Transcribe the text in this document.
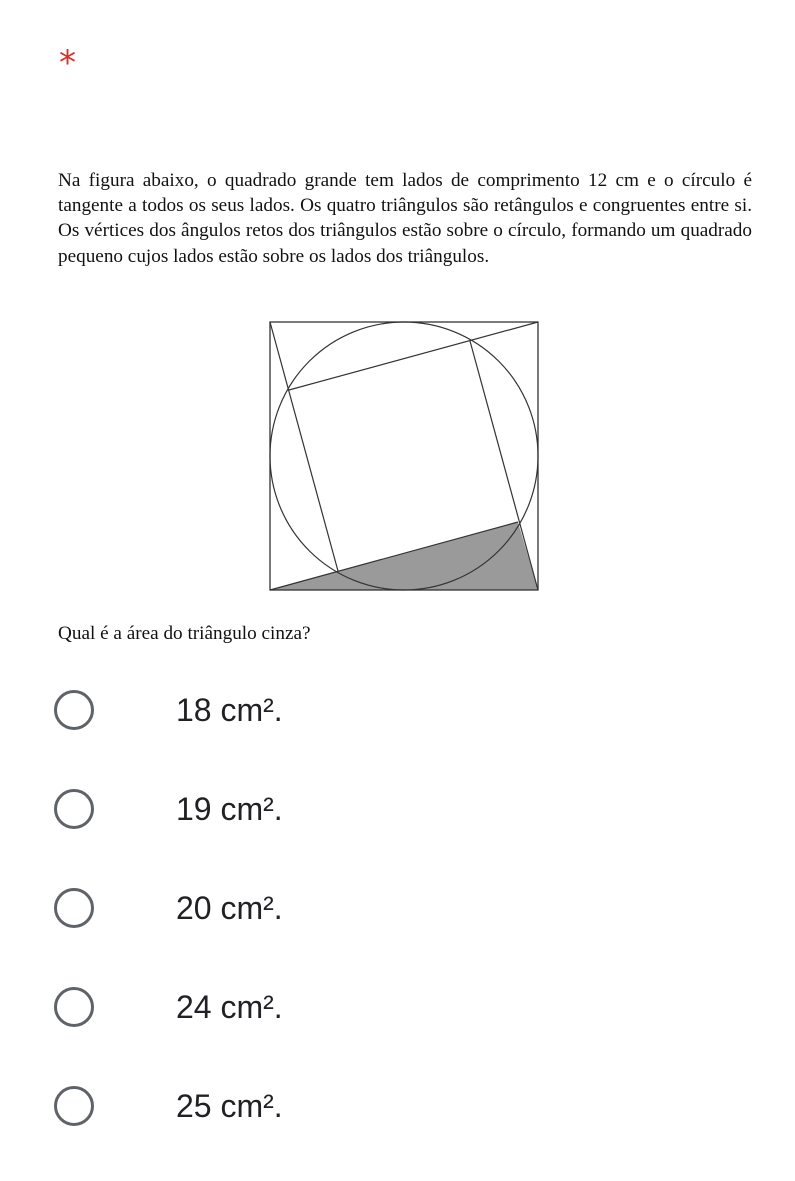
*

Na figura abaixo, o quadrado grande tem lados de comprimento 12 cm e o círculo é tangente a todos os seus lados. Os quatro triângulos são retângulos e congruentes entre si. Os vértices dos ângulos retos dos triângulos estão sobre o círculo, formando um quadrado pequeno cujos lados estão sobre os lados dos triângulos.

Qual é a área do triângulo cinza?

18 cm².
19 cm².
20 cm².
24 cm².
25 cm².
